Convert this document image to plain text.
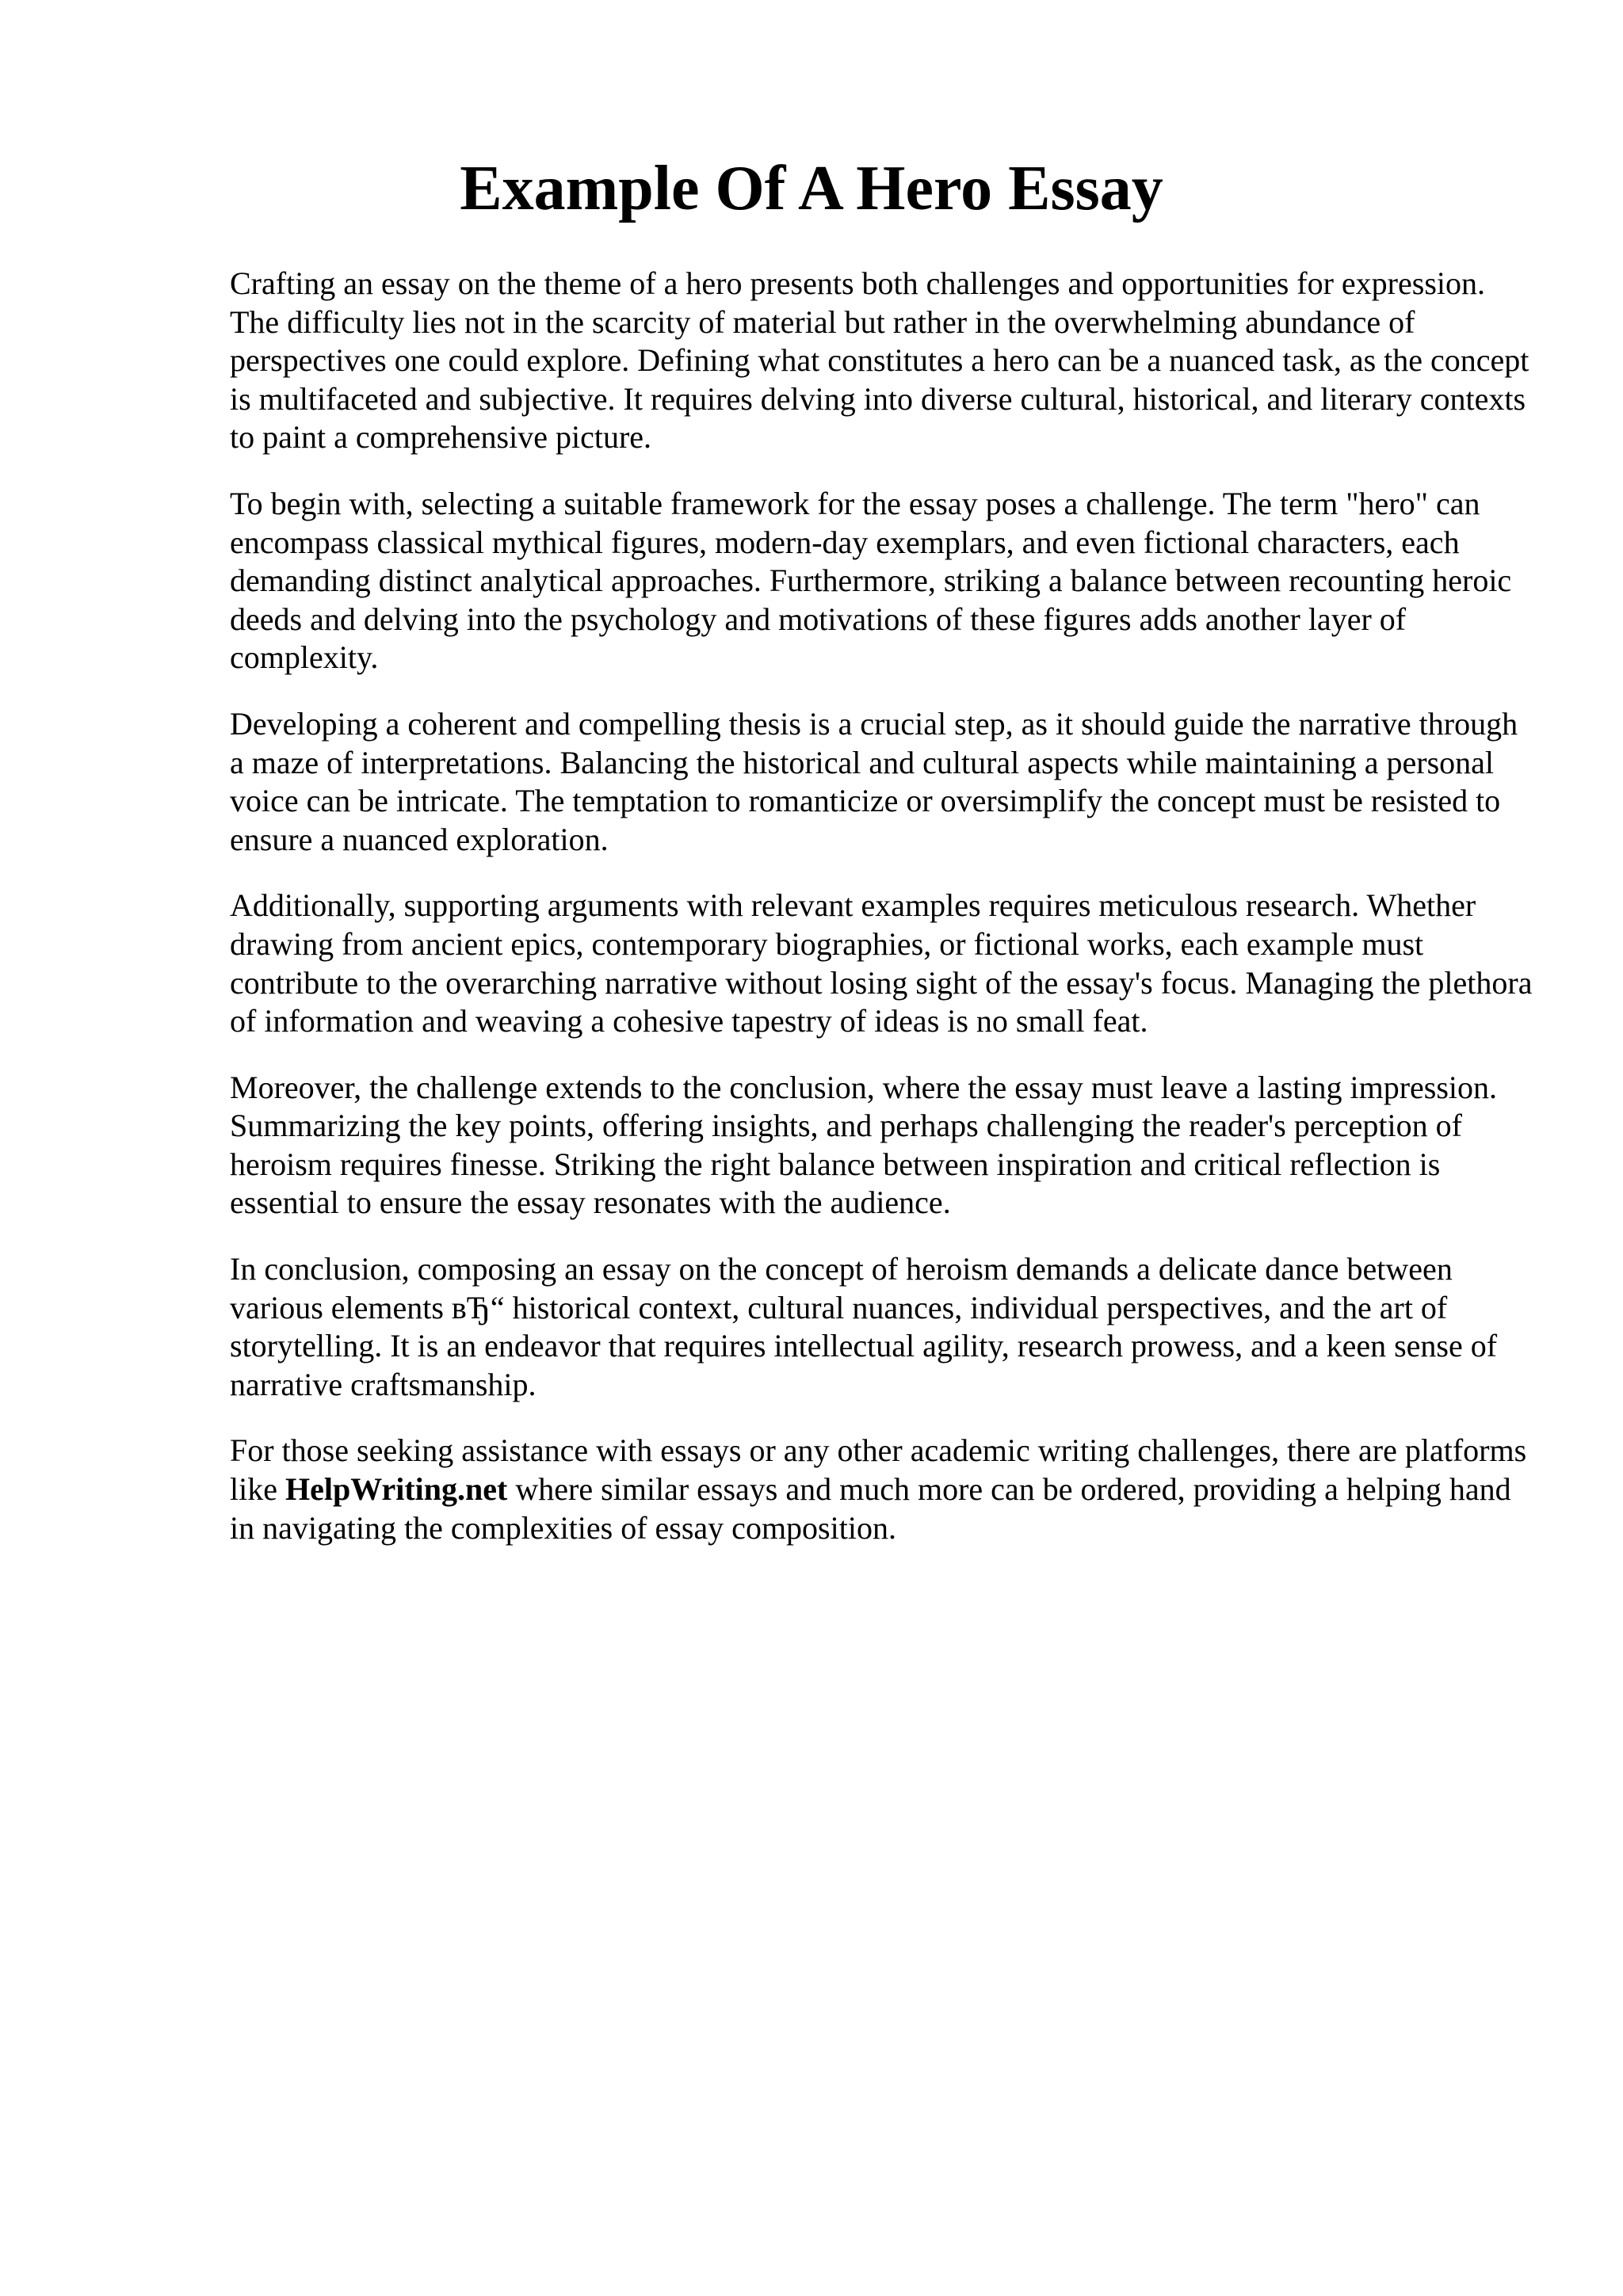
Example Of A Hero Essay

Crafting an essay on the theme of a hero presents both challenges and opportunities for expression. The difficulty lies not in the scarcity of material but rather in the overwhelming abundance of perspectives one could explore. Defining what constitutes a hero can be a nuanced task, as the concept is multifaceted and subjective. It requires delving into diverse cultural, historical, and literary contexts to paint a comprehensive picture.

To begin with, selecting a suitable framework for the essay poses a challenge. The term "hero" can encompass classical mythical figures, modern-day exemplars, and even fictional characters, each demanding distinct analytical approaches. Furthermore, striking a balance between recounting heroic deeds and delving into the psychology and motivations of these figures adds another layer of complexity.

Developing a coherent and compelling thesis is a crucial step, as it should guide the narrative through a maze of interpretations. Balancing the historical and cultural aspects while maintaining a personal voice can be intricate. The temptation to romanticize or oversimplify the concept must be resisted to ensure a nuanced exploration.

Additionally, supporting arguments with relevant examples requires meticulous research. Whether drawing from ancient epics, contemporary biographies, or fictional works, each example must contribute to the overarching narrative without losing sight of the essay's focus. Managing the plethora of information and weaving a cohesive tapestry of ideas is no small feat.

Moreover, the challenge extends to the conclusion, where the essay must leave a lasting impression. Summarizing the key points, offering insights, and perhaps challenging the reader's perception of heroism requires finesse. Striking the right balance between inspiration and critical reflection is essential to ensure the essay resonates with the audience.

In conclusion, composing an essay on the concept of heroism demands a delicate dance between various elements вЂ“ historical context, cultural nuances, individual perspectives, and the art of storytelling. It is an endeavor that requires intellectual agility, research prowess, and a keen sense of narrative craftsmanship.

For those seeking assistance with essays or any other academic writing challenges, there are platforms like HelpWriting.net where similar essays and much more can be ordered, providing a helping hand in navigating the complexities of essay composition.
